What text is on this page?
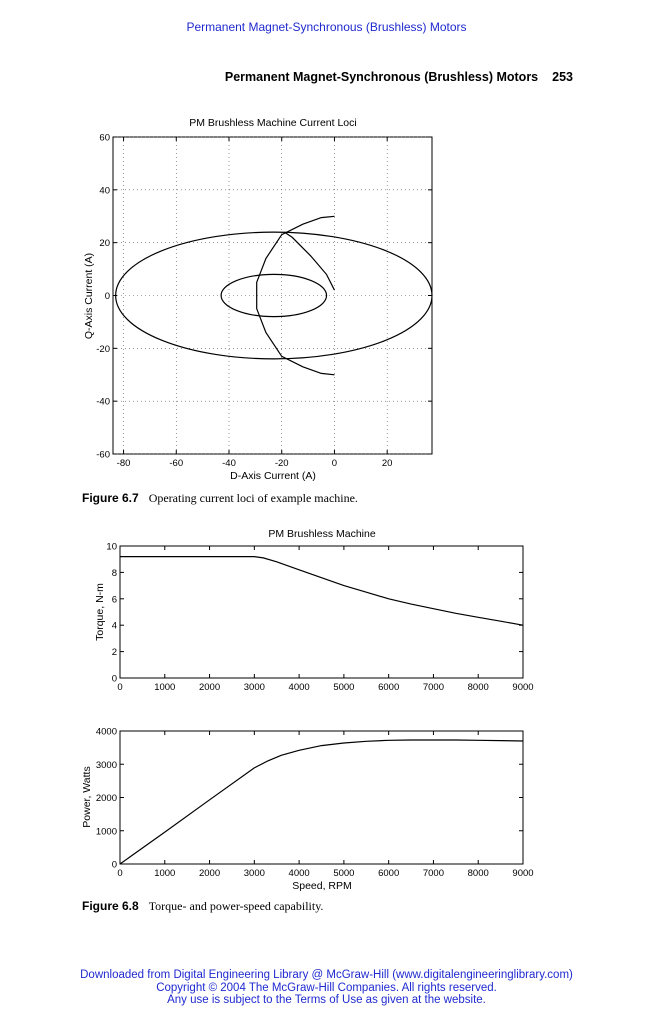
Permanent Magnet-Synchronous (Brushless) Motors
Permanent Magnet-Synchronous (Brushless) Motors 253
PM Brushless Machine Current Loci
D-Axis Current (A)
Q-Axis Current (A)
-80	-60	-40	-20	0	20
60
40
20
0
-20
-40
-60
Figure 6.7 Operating current loci of example machine.
PM Brushless Machine
Torque, N-m
0	1000 2000 3000 4000 5000 6000 7000 8000 9000
10
8
6
4
2
0
Speed, RPM
Power, Watts
0	1000 2000 3000 4000 5000 6000 7000 8000 9000
4000
3000
2000
1000
0
Figure 6.8 Torque- and power-speed capability.
Downloaded from Digital Engineering Library @ McGraw-Hill (www.digitalengineeringlibrary.com)
Copyright © 2004 The McGraw-Hill Companies. All rights reserved.
Any use is subject to the Terms of Use as given at the website.
